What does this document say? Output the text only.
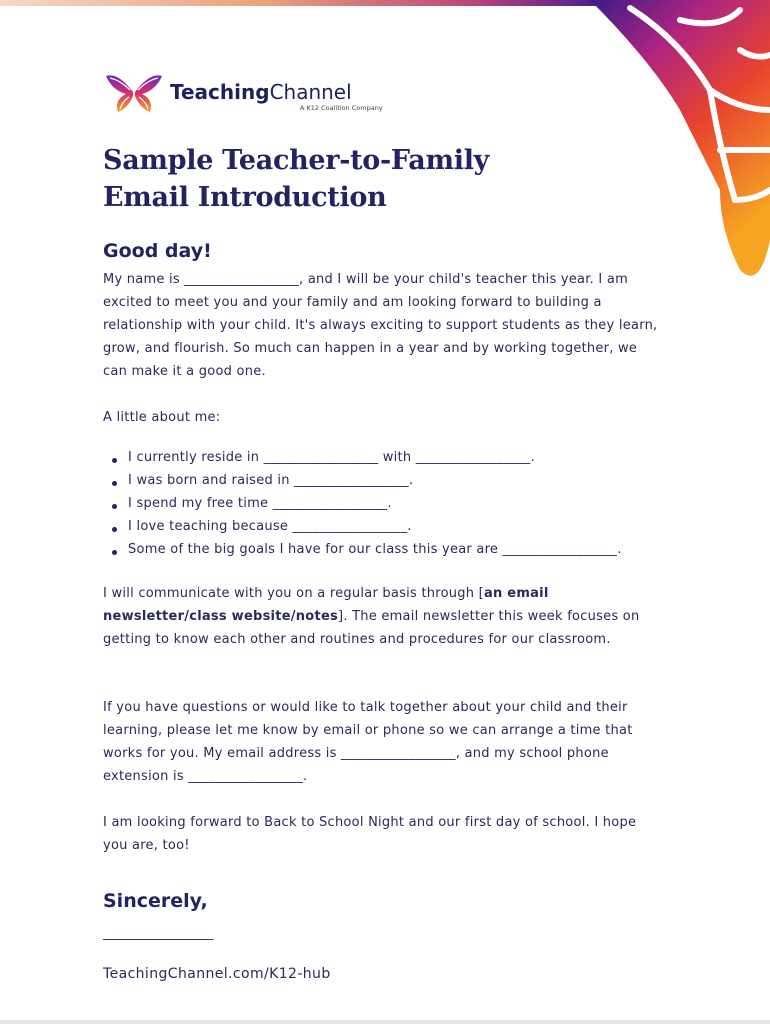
TeachingChannel
A K12 Coalition Company
Sample Teacher-to-Family
Email Introduction

Good day!

My name is _________________, and I will be your child's teacher this year. I am excited to meet you and your family and am looking forward to building a relationship with your child. It's always exciting to support students as they learn, grow, and flourish. So much can happen in a year and by working together, we can make it a good one.

A little about me:

I currently reside in _________________ with _________________.
I was born and raised in _________________.
I spend my free time _________________.
I love teaching because _________________.
Some of the big goals I have for our class this year are _________________.

I will communicate with you on a regular basis through [an email newsletter/class website/notes]. The email newsletter this week focuses on getting to know each other and routines and procedures for our classroom.

If you have questions or would like to talk together about your child and their learning, please let me know by email or phone so we can arrange a time that works for you. My email address is _________________, and my school phone extension is _________________.

I am looking forward to Back to School Night and our first day of school. I hope you are, too!

Sincerely,

_________________
TeachingChannel.com/K12-hub
